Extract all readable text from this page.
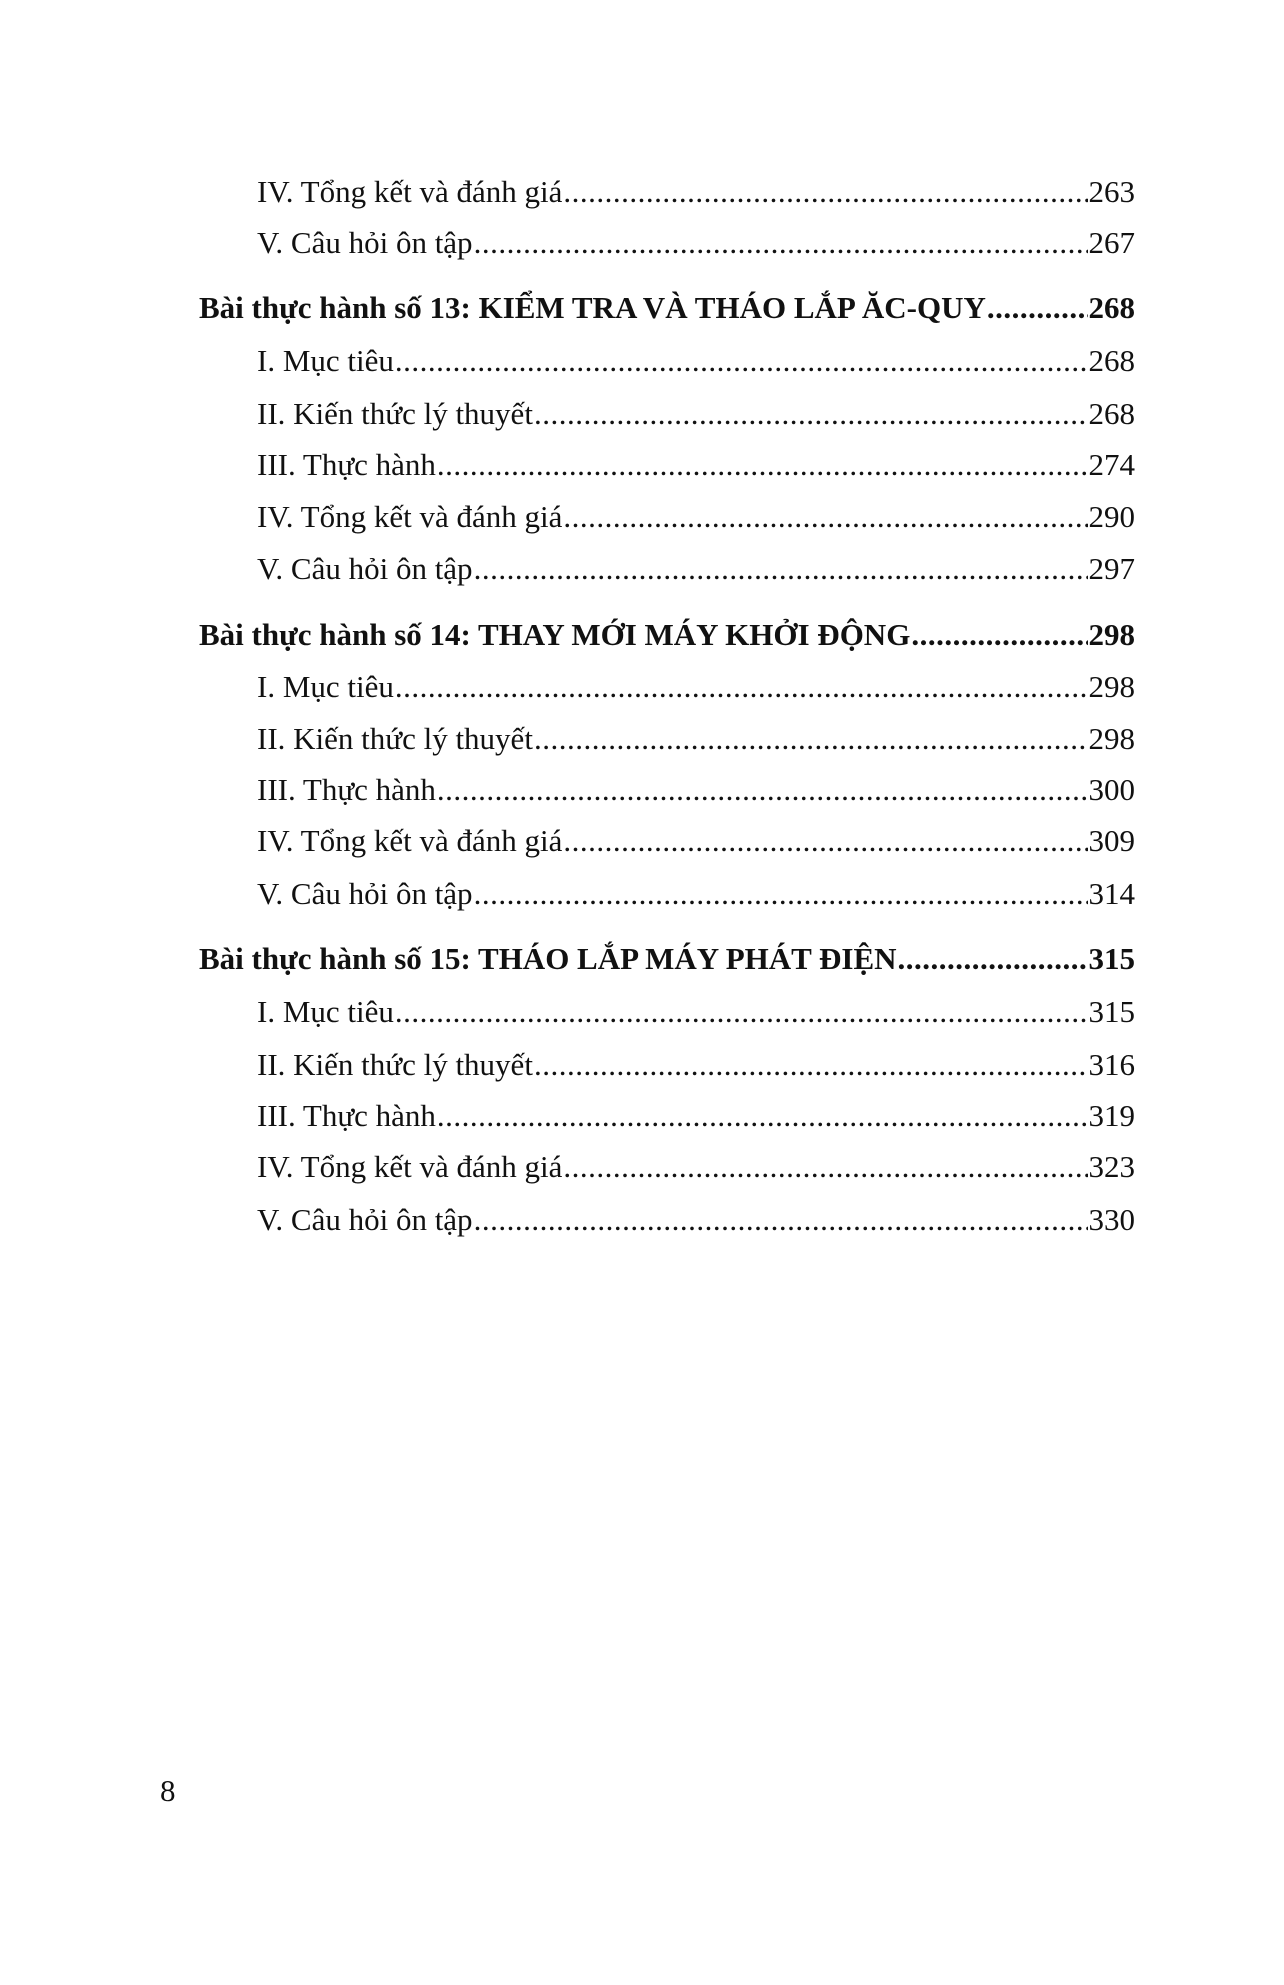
IV. Tổng kết và đánh giá .....	263
V. Câu hỏi ôn tập .....	267
Bài thực hành số 13: KIỂM TRA VÀ THÁO LẮP ĂC-QUY .....	268
I. Mục tiêu .....	268
II. Kiến thức lý thuyết .....	268
III. Thực hành .....	274
IV. Tổng kết và đánh giá .....	290
V. Câu hỏi ôn tập .....	297
Bài thực hành số 14: THAY MỚI MÁY KHỞI ĐỘNG .....	298
I. Mục tiêu .....	298
II. Kiến thức lý thuyết .....	298
III. Thực hành .....	300
IV. Tổng kết và đánh giá .....	309
V. Câu hỏi ôn tập .....	314
Bài thực hành số 15: THÁO LẮP MÁY PHÁT ĐIỆN .....	315
I. Mục tiêu .....	315
II. Kiến thức lý thuyết .....	316
III. Thực hành .....	319
IV. Tổng kết và đánh giá .....	323
V. Câu hỏi ôn tập .....	330
8
